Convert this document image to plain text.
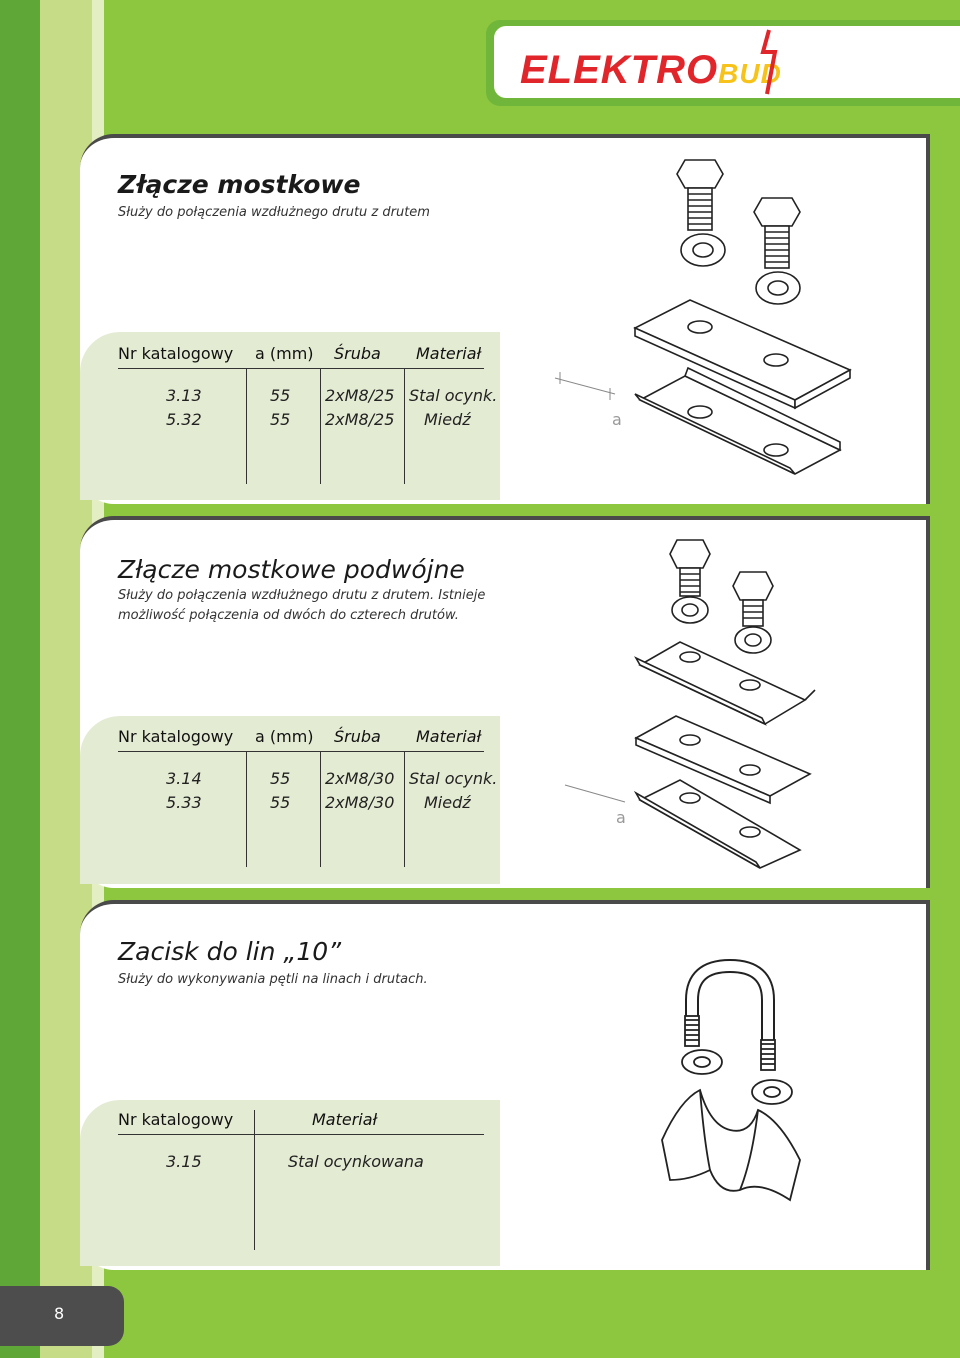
ELEKTROBUD
Złącze mostkowe
Służy do połączenia wzdłużnego drutu z drutem
Nr katalogowy a (mm) Śruba Materiał
3.13	55 2xM8/25 Stal ocynk.
5.32	55 2xM8/25 Miedź	a
Złącze mostkowe podwójne
Służy do połączenia wzdłużnego drutu z drutem. Istnieje możliwość połączenia od dwóch do czterech drutów.
Nr katalogowy a (mm) Śruba Materiał
3.14	55 2xM8/30 Stal ocynk.
5.33	55 2xM8/30 Miedź
a
Zacisk do lin „10”
Służy do wykonywania pętli na linach i drutach.
Nr katalogowy	Materiał
3.15	Stal ocynkowana
8
